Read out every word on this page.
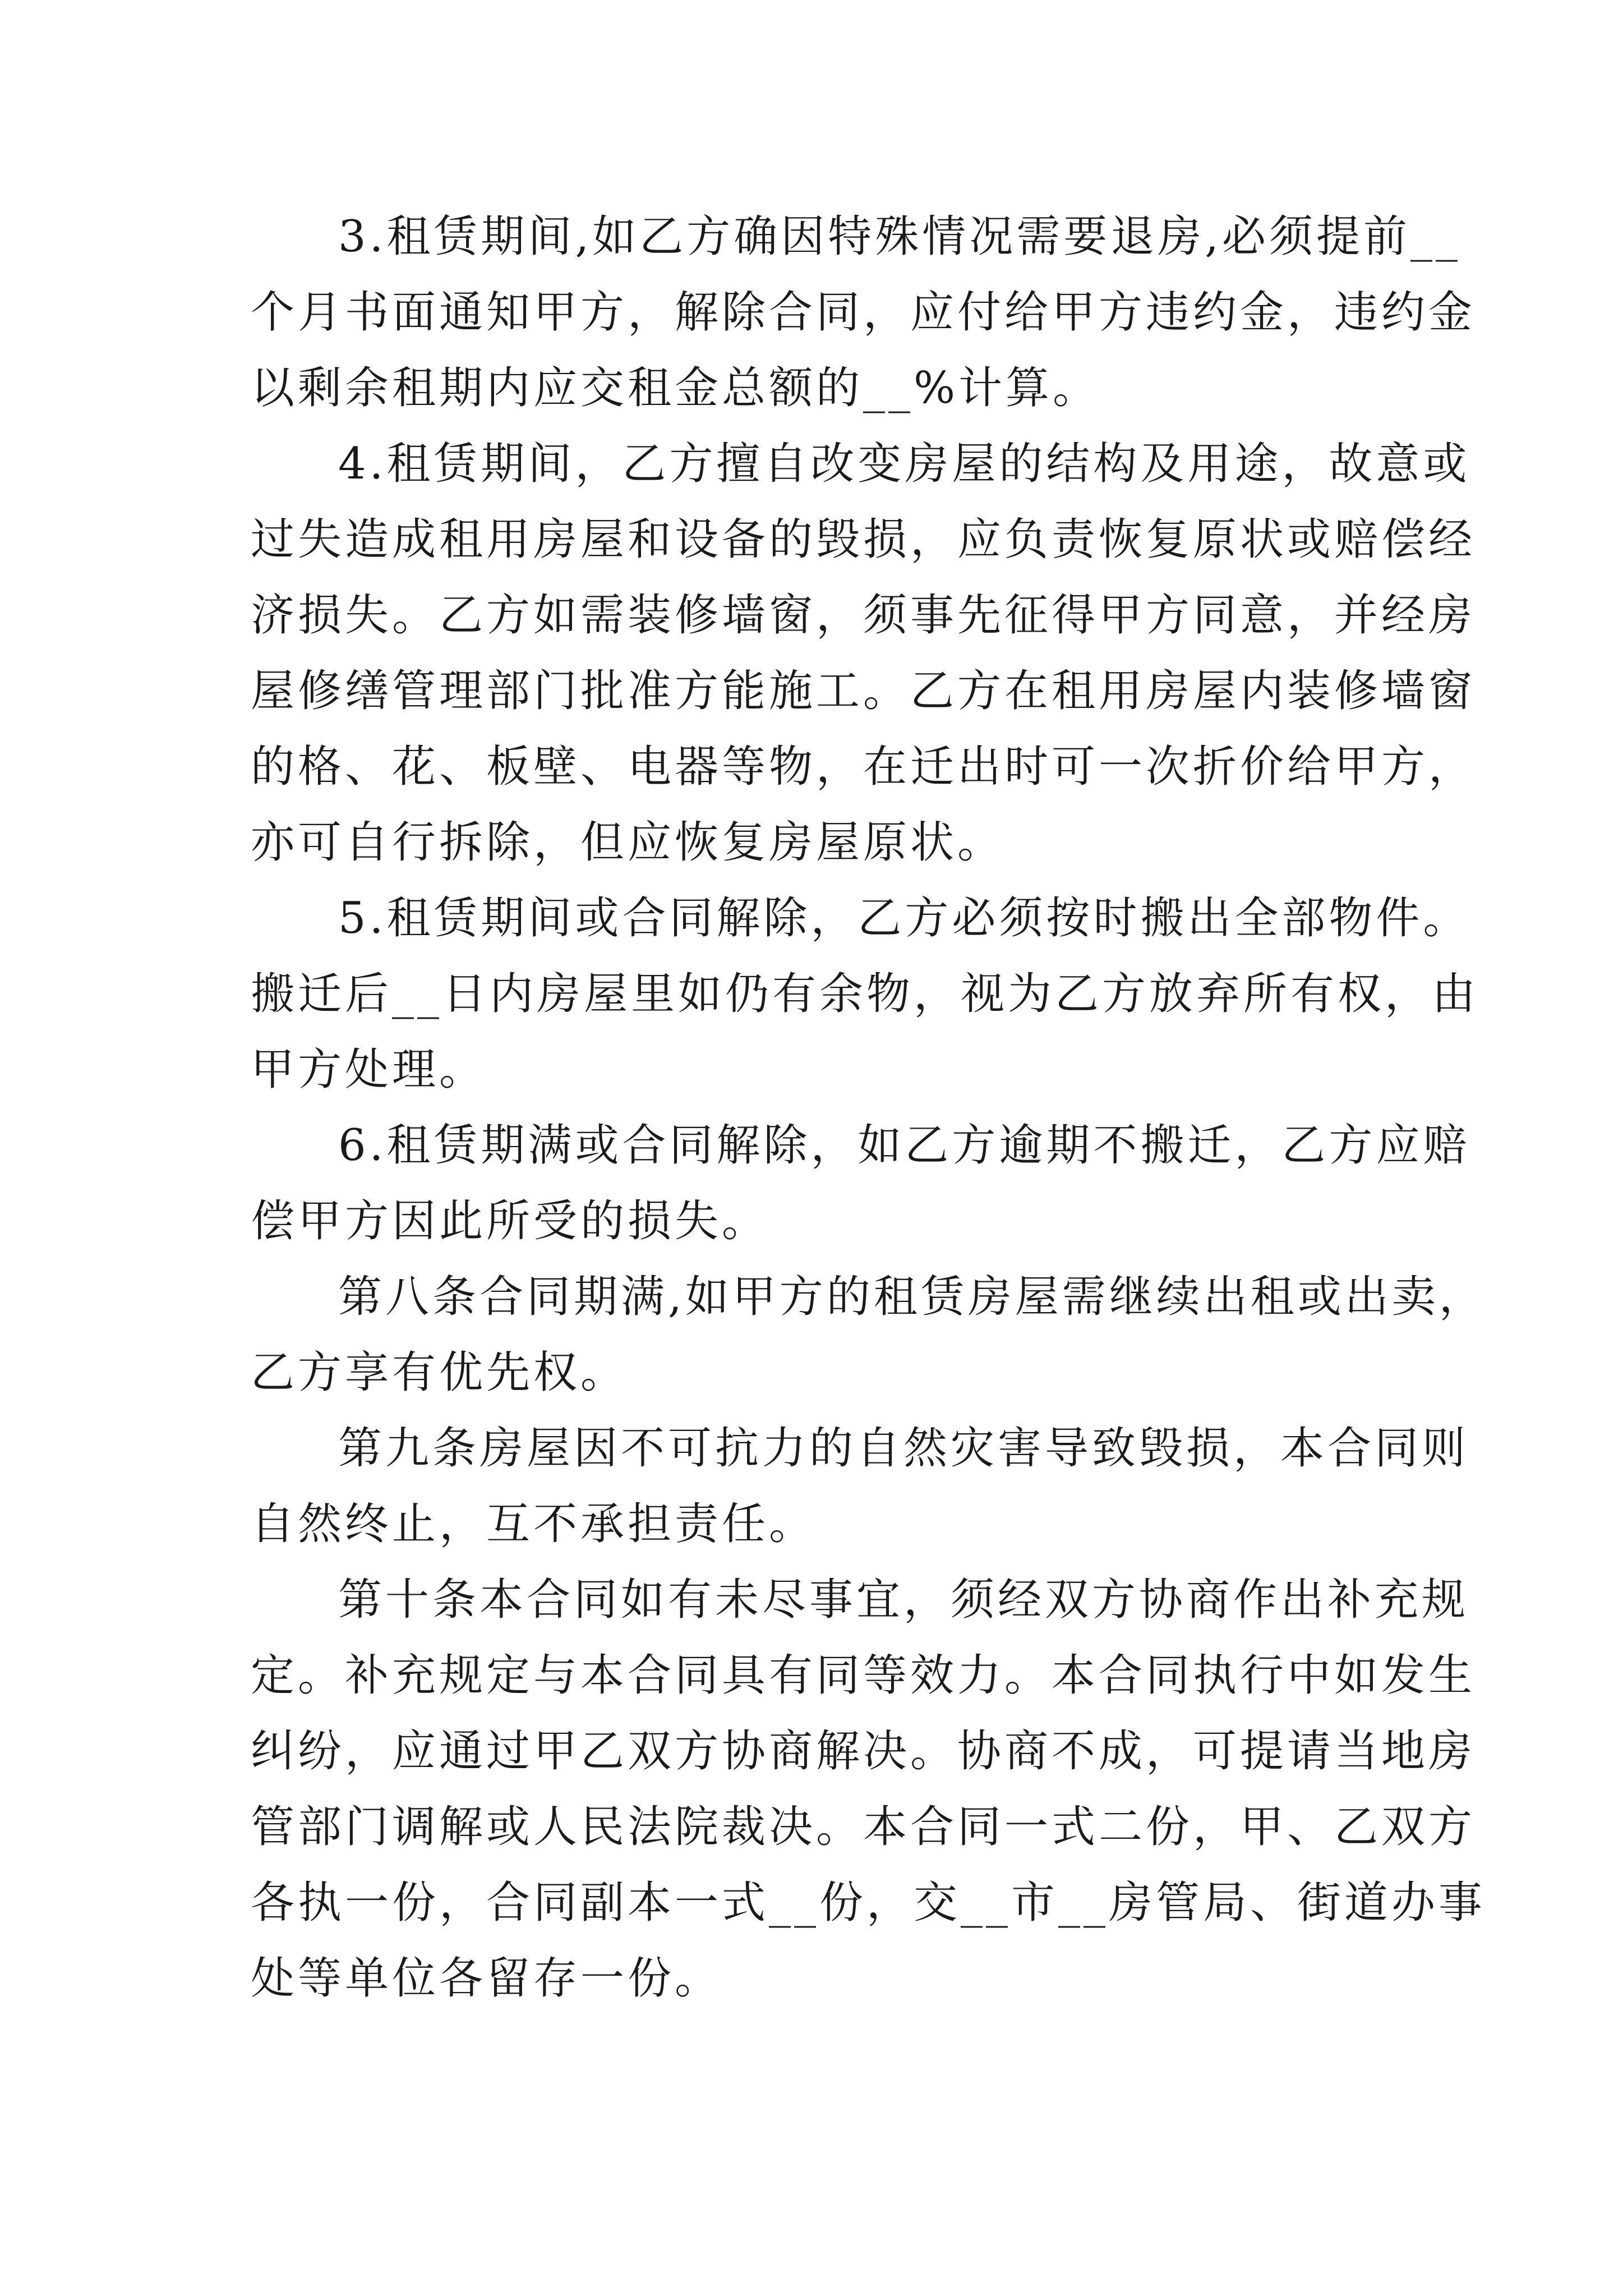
3.租赁期间,如乙方确因特殊情况需要退房,必须提前__
个月书面通知甲方，解除合同，应付给甲方违约金，违约金
以剩余租期内应交租金总额的__%计算。

4.租赁期间，乙方擅自改变房屋的结构及用途，故意或
过失造成租用房屋和设备的毁损，应负责恢复原状或赔偿经
济损失。乙方如需装修墙窗，须事先征得甲方同意，并经房
屋修缮管理部门批准方能施工。乙方在租用房屋内装修墙窗
的格、花、板壁、电器等物，在迁出时可一次折价给甲方，
亦可自行拆除，但应恢复房屋原状。

5.租赁期间或合同解除，乙方必须按时搬出全部物件。
搬迁后__日内房屋里如仍有余物，视为乙方放弃所有权，由
甲方处理。

6.租赁期满或合同解除，如乙方逾期不搬迁，乙方应赔
偿甲方因此所受的损失。

第八条合同期满,如甲方的租赁房屋需继续出租或出卖，
乙方享有优先权。

第九条房屋因不可抗力的自然灾害导致毁损，本合同则
自然终止，互不承担责任。

第十条本合同如有未尽事宜，须经双方协商作出补充规
定。补充规定与本合同具有同等效力。本合同执行中如发生
纠纷，应通过甲乙双方协商解决。协商不成，可提请当地房
管部门调解或人民法院裁决。本合同一式二份，甲、乙双方
各执一份，合同副本一式__份，交__市__房管局、街道办事
处等单位各留存一份。
